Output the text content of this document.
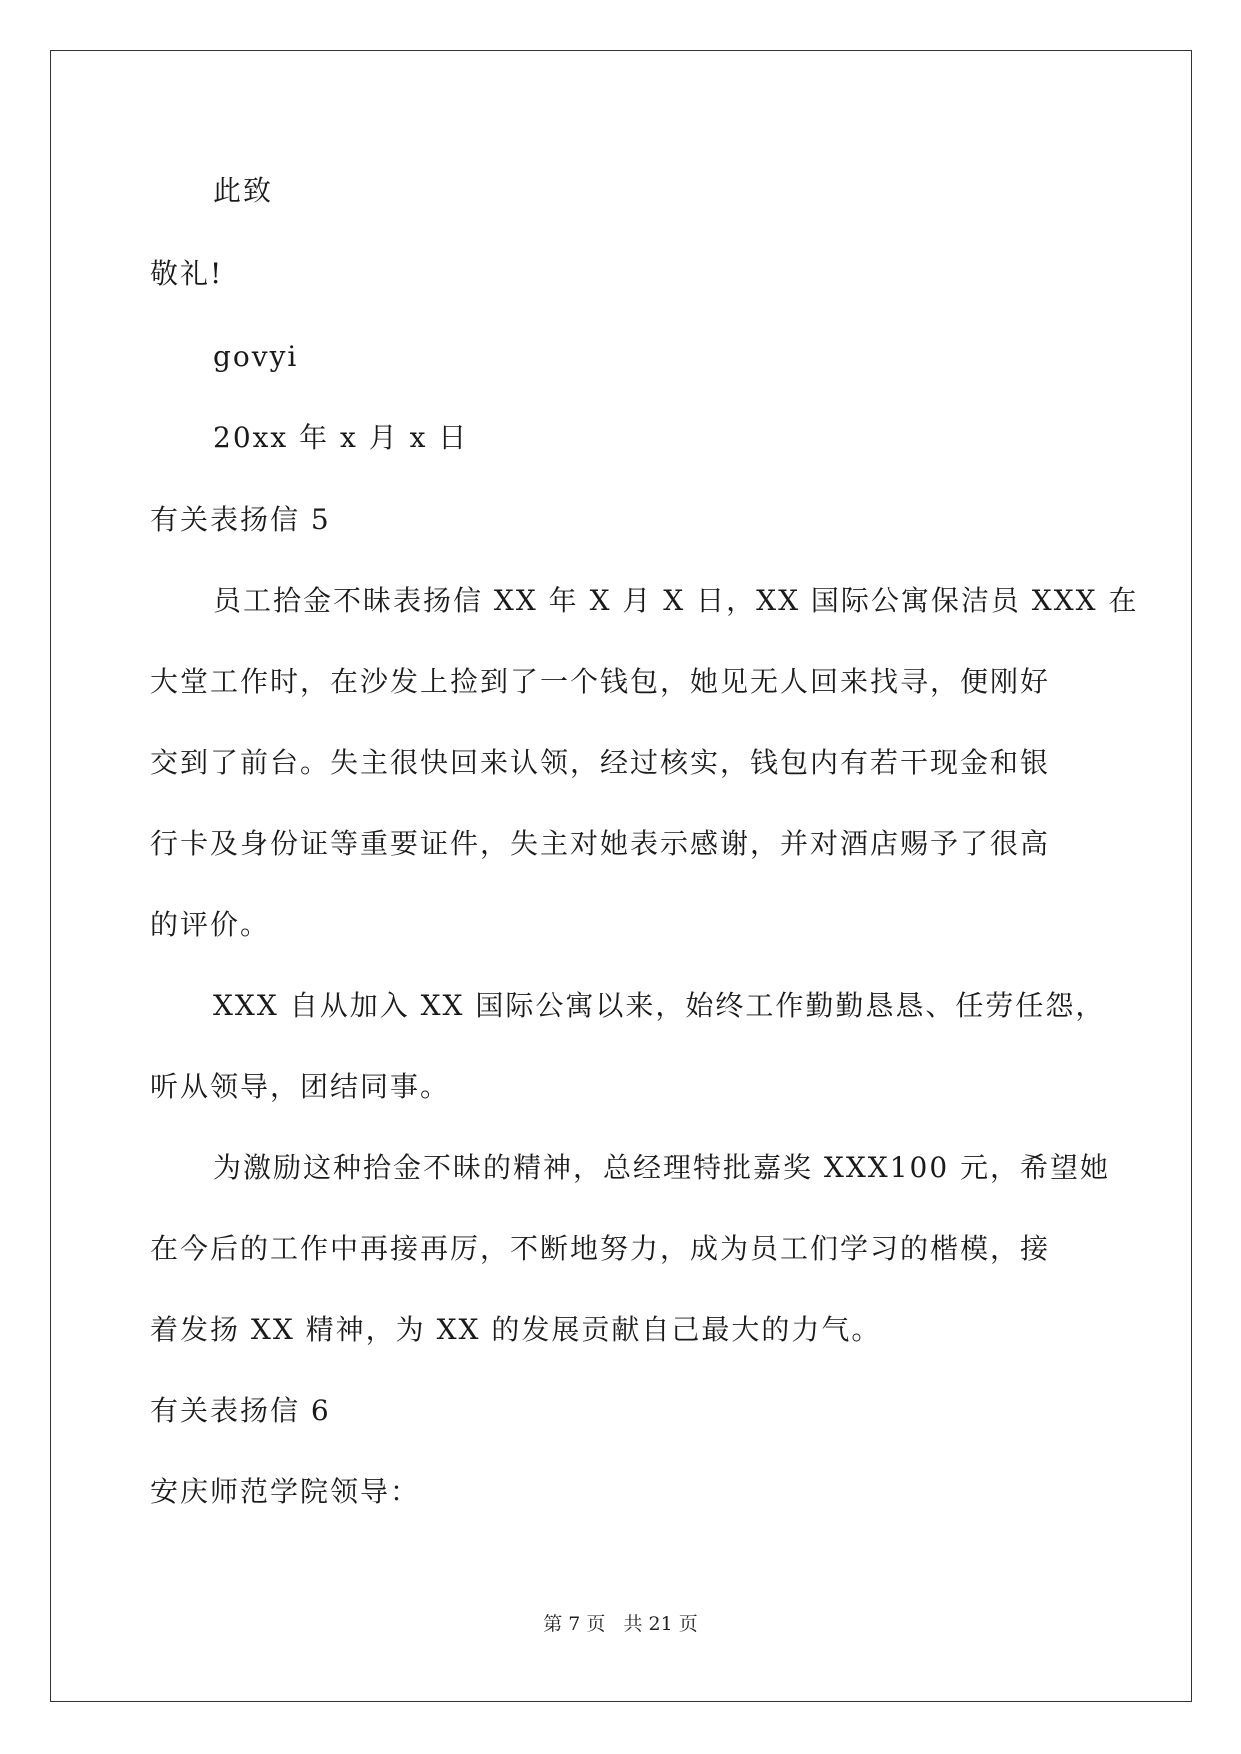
此致
敬礼!
govyi
20xx 年 x 月 x 日
有关表扬信 5
员工拾金不昧表扬信 XX 年 X 月 X 日，XX 国际公寓保洁员 XXX 在
大堂工作时，在沙发上捡到了一个钱包，她见无人回来找寻，便刚好
交到了前台。失主很快回来认领，经过核实，钱包内有若干现金和银
行卡及身份证等重要证件，失主对她表示感谢，并对酒店赐予了很高
的评价。
XXX 自从加入 XX 国际公寓以来，始终工作勤勤恳恳、任劳任怨，
听从领导，团结同事。
为激励这种拾金不昧的精神，总经理特批嘉奖 XXX100 元，希望她
在今后的工作中再接再厉，不断地努力，成为员工们学习的楷模，接
着发扬 XX 精神，为 XX 的发展贡献自己最大的力气。
有关表扬信 6
安庆师范学院领导：
第 7 页 共 21 页
